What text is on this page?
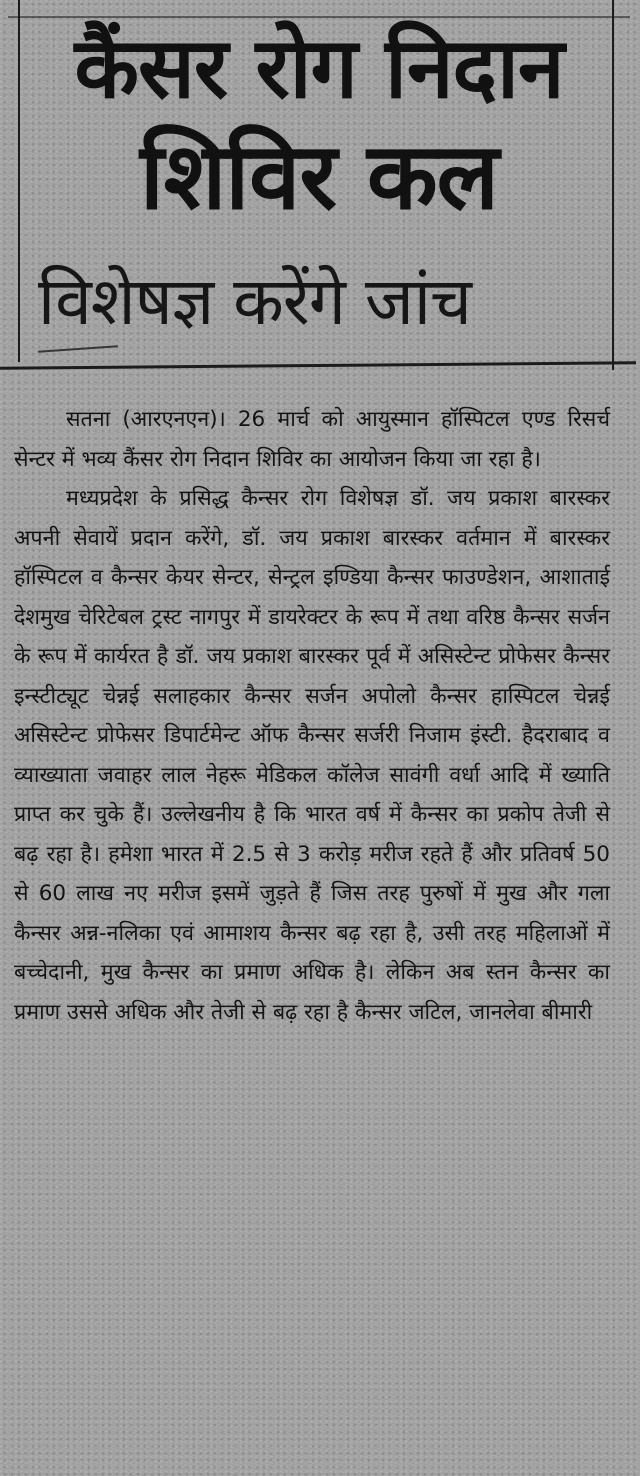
कैंसर रोग निदान
शिविर कल
विशेषज्ञ करेंगे जांच

सतना (आरएनएन)। 26 मार्च को आयुस्मान हॉस्पिटल एण्ड रिसर्च सेन्टर में भव्य कैंसर रोग निदान शिविर का आयोजन किया जा रहा है।

मध्यप्रदेश के प्रसिद्ध कैन्सर रोग विशेषज्ञ डॉ. जय प्रकाश बारस्कर अपनी सेवायें प्रदान करेंगे, डॉ. जय प्रकाश बारस्कर वर्तमान में बारस्कर हॉस्पिटल व कैन्सर केयर सेन्टर, सेन्ट्रल इण्डिया कैन्सर फाउण्डेशन, आशाताई देशमुख चेरिटेबल ट्रस्ट नागपुर में डायरेक्टर के रूप में तथा वरिष्ठ कैन्सर सर्जन के रूप में कार्यरत है डॉ. जय प्रकाश बारस्कर पूर्व में असिस्टेन्ट प्रोफेसर कैन्सर इन्स्टीट्यूट चेन्नई सलाहकार कैन्सर सर्जन अपोलो कैन्सर हास्पिटल चेन्नई असिस्टेन्ट प्रोफेसर डिपार्टमेन्ट ऑफ कैन्सर सर्जरी निजाम इंस्टी. हैदराबाद व व्याख्याता जवाहर लाल नेहरू मेडिकल कॉलेज सावंगी वर्धा आदि में ख्याति प्राप्त कर चुके हैं। उल्लेखनीय है कि भारत वर्ष में कैन्सर का प्रकोप तेजी से बढ़ रहा है। हमेशा भारत में 2.5 से 3 करोड़ मरीज रहते हैं और प्रतिवर्ष 50 से 60 लाख नए मरीज इसमें जुड़ते हैं जिस तरह पुरुषों में मुख और गला कैन्सर अन्न-नलिका एवं आमाशय कैन्सर बढ़ रहा है, उसी तरह महिलाओं में बच्चेदानी, मुख कैन्सर का प्रमाण अधिक है। लेकिन अब स्तन कैन्सर का प्रमाण उससे अधिक और तेजी से बढ़ रहा है कैन्सर जटिल, जानलेवा बीमारी
